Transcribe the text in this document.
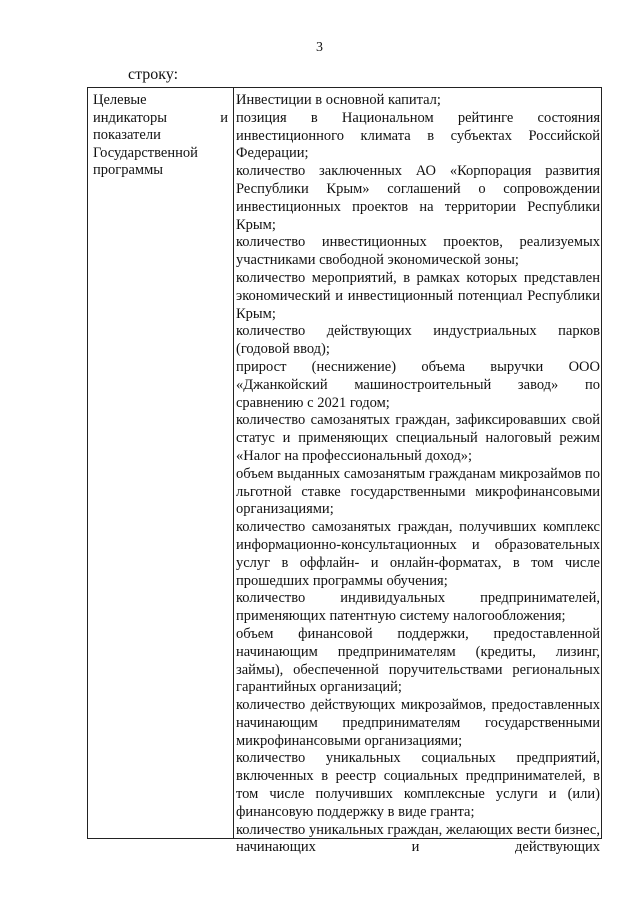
3
строку:
Целевые
индикаторы	и
показатели
Государственной
программы

Инвестиции в основной капитал;

позиция в Национальном рейтинге состояния инвестиционного климата в субъектах Российской Федерации;

количество заключенных АО «Корпорация развития Республики Крым» соглашений о сопровождении инвестиционных проектов на территории Республики Крым;

количество инвестиционных проектов, реализуемых участниками свободной экономической зоны;

количество мероприятий, в рамках которых представлен экономический и инвестиционный потенциал Республики Крым;

количество действующих индустриальных парков (годовой ввод);

прирост (неснижение) объема выручки ООО «Джанкойский машиностроительный завод» по сравнению с 2021 годом;

количество самозанятых граждан, зафиксировавших свой статус и применяющих специальный налоговый режим «Налог на профессиональный доход»;

объем выданных самозанятым гражданам микрозаймов по льготной ставке государственными микрофинансовыми организациями;

количество самозанятых граждан, получивших комплекс информационно-консультационных и образовательных услуг в оффлайн- и онлайн-форматах, в том числе прошедших программы обучения;

количество индивидуальных предпринимателей, применяющих патентную систему налогообложения;

объем финансовой поддержки, предоставленной начинающим предпринимателям (кредиты, лизинг, займы), обеспеченной поручительствами региональных гарантийных организаций;

количество действующих микрозаймов, предоставленных начинающим предпринимателям государственными микрофинансовыми организациями;

количество уникальных социальных предприятий, включенных в реестр социальных предпринимателей, в том числе получивших комплексные услуги и (или) финансовую поддержку в виде гранта;

количество уникальных граждан, желающих вести бизнес, начинающих и действующих
